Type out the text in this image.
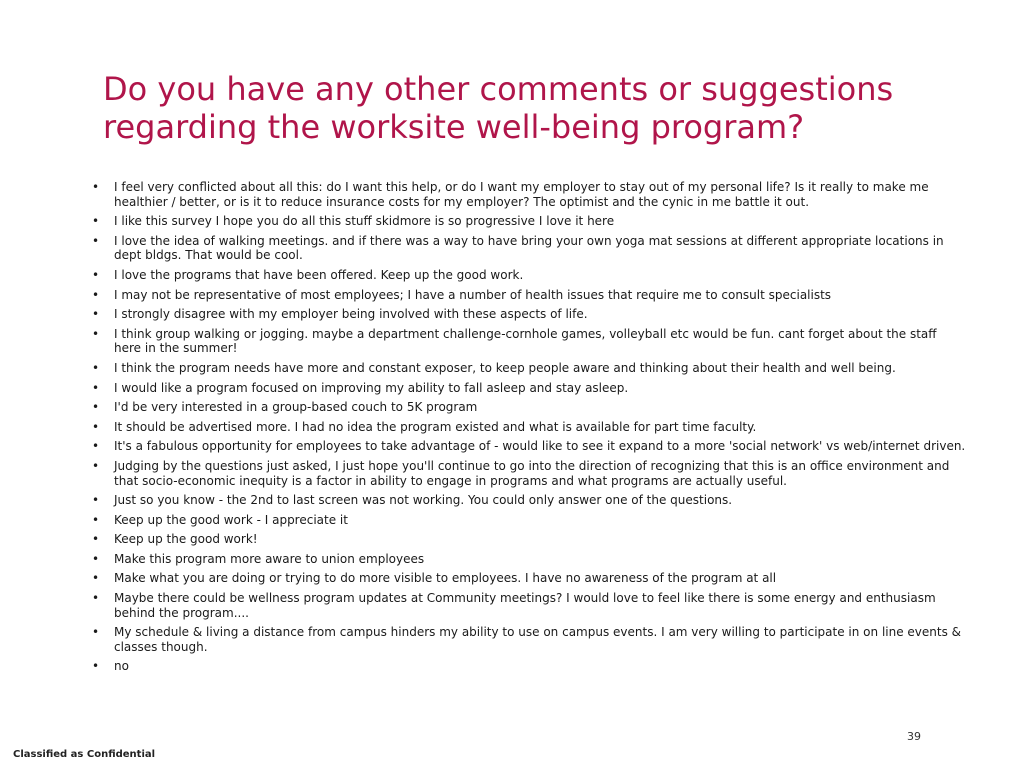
Do you have any other comments or suggestions regarding the worksite well-being program?
• I feel very conflicted about all this: do I want this help, or do I want my employer to stay out of my personal life? Is it really to make me healthier / better, or is it to reduce insurance costs for my employer? The optimist and the cynic in me battle it out.
• I like this survey I hope you do all this stuff skidmore is so progressive I love it here
• I love the idea of walking meetings. and if there was a way to have bring your own yoga mat sessions at different appropriate locations in dept bldgs. That would be cool.
• I love the programs that have been offered. Keep up the good work.
• I may not be representative of most employees; I have a number of health issues that require me to consult specialists
• I strongly disagree with my employer being involved with these aspects of life.
• I think group walking or jogging. maybe a department challenge-cornhole games, volleyball etc would be fun. cant forget about the staff here in the summer!
• I think the program needs have more and constant exposer, to keep people aware and thinking about their health and well being.
• I would like a program focused on improving my ability to fall asleep and stay asleep.
• I'd be very interested in a group-based couch to 5K program
• It should be advertised more. I had no idea the program existed and what is available for part time faculty.
• It's a fabulous opportunity for employees to take advantage of - would like to see it expand to a more 'social network' vs web/internet driven.
• Judging by the questions just asked, I just hope you'll continue to go into the direction of recognizing that this is an office environment and that socio-economic inequity is a factor in ability to engage in programs and what programs are actually useful.
• Just so you know - the 2nd to last screen was not working. You could only answer one of the questions.
• Keep up the good work - I appreciate it
• Keep up the good work!
• Make this program more aware to union employees
• Make what you are doing or trying to do more visible to employees. I have no awareness of the program at all
• Maybe there could be wellness program updates at Community meetings? I would love to feel like there is some energy and enthusiasm behind the program....
• My schedule & living a distance from campus hinders my ability to use on campus events. I am very willing to participate in on line events & classes though.
• no
39
Classified as Confidential
